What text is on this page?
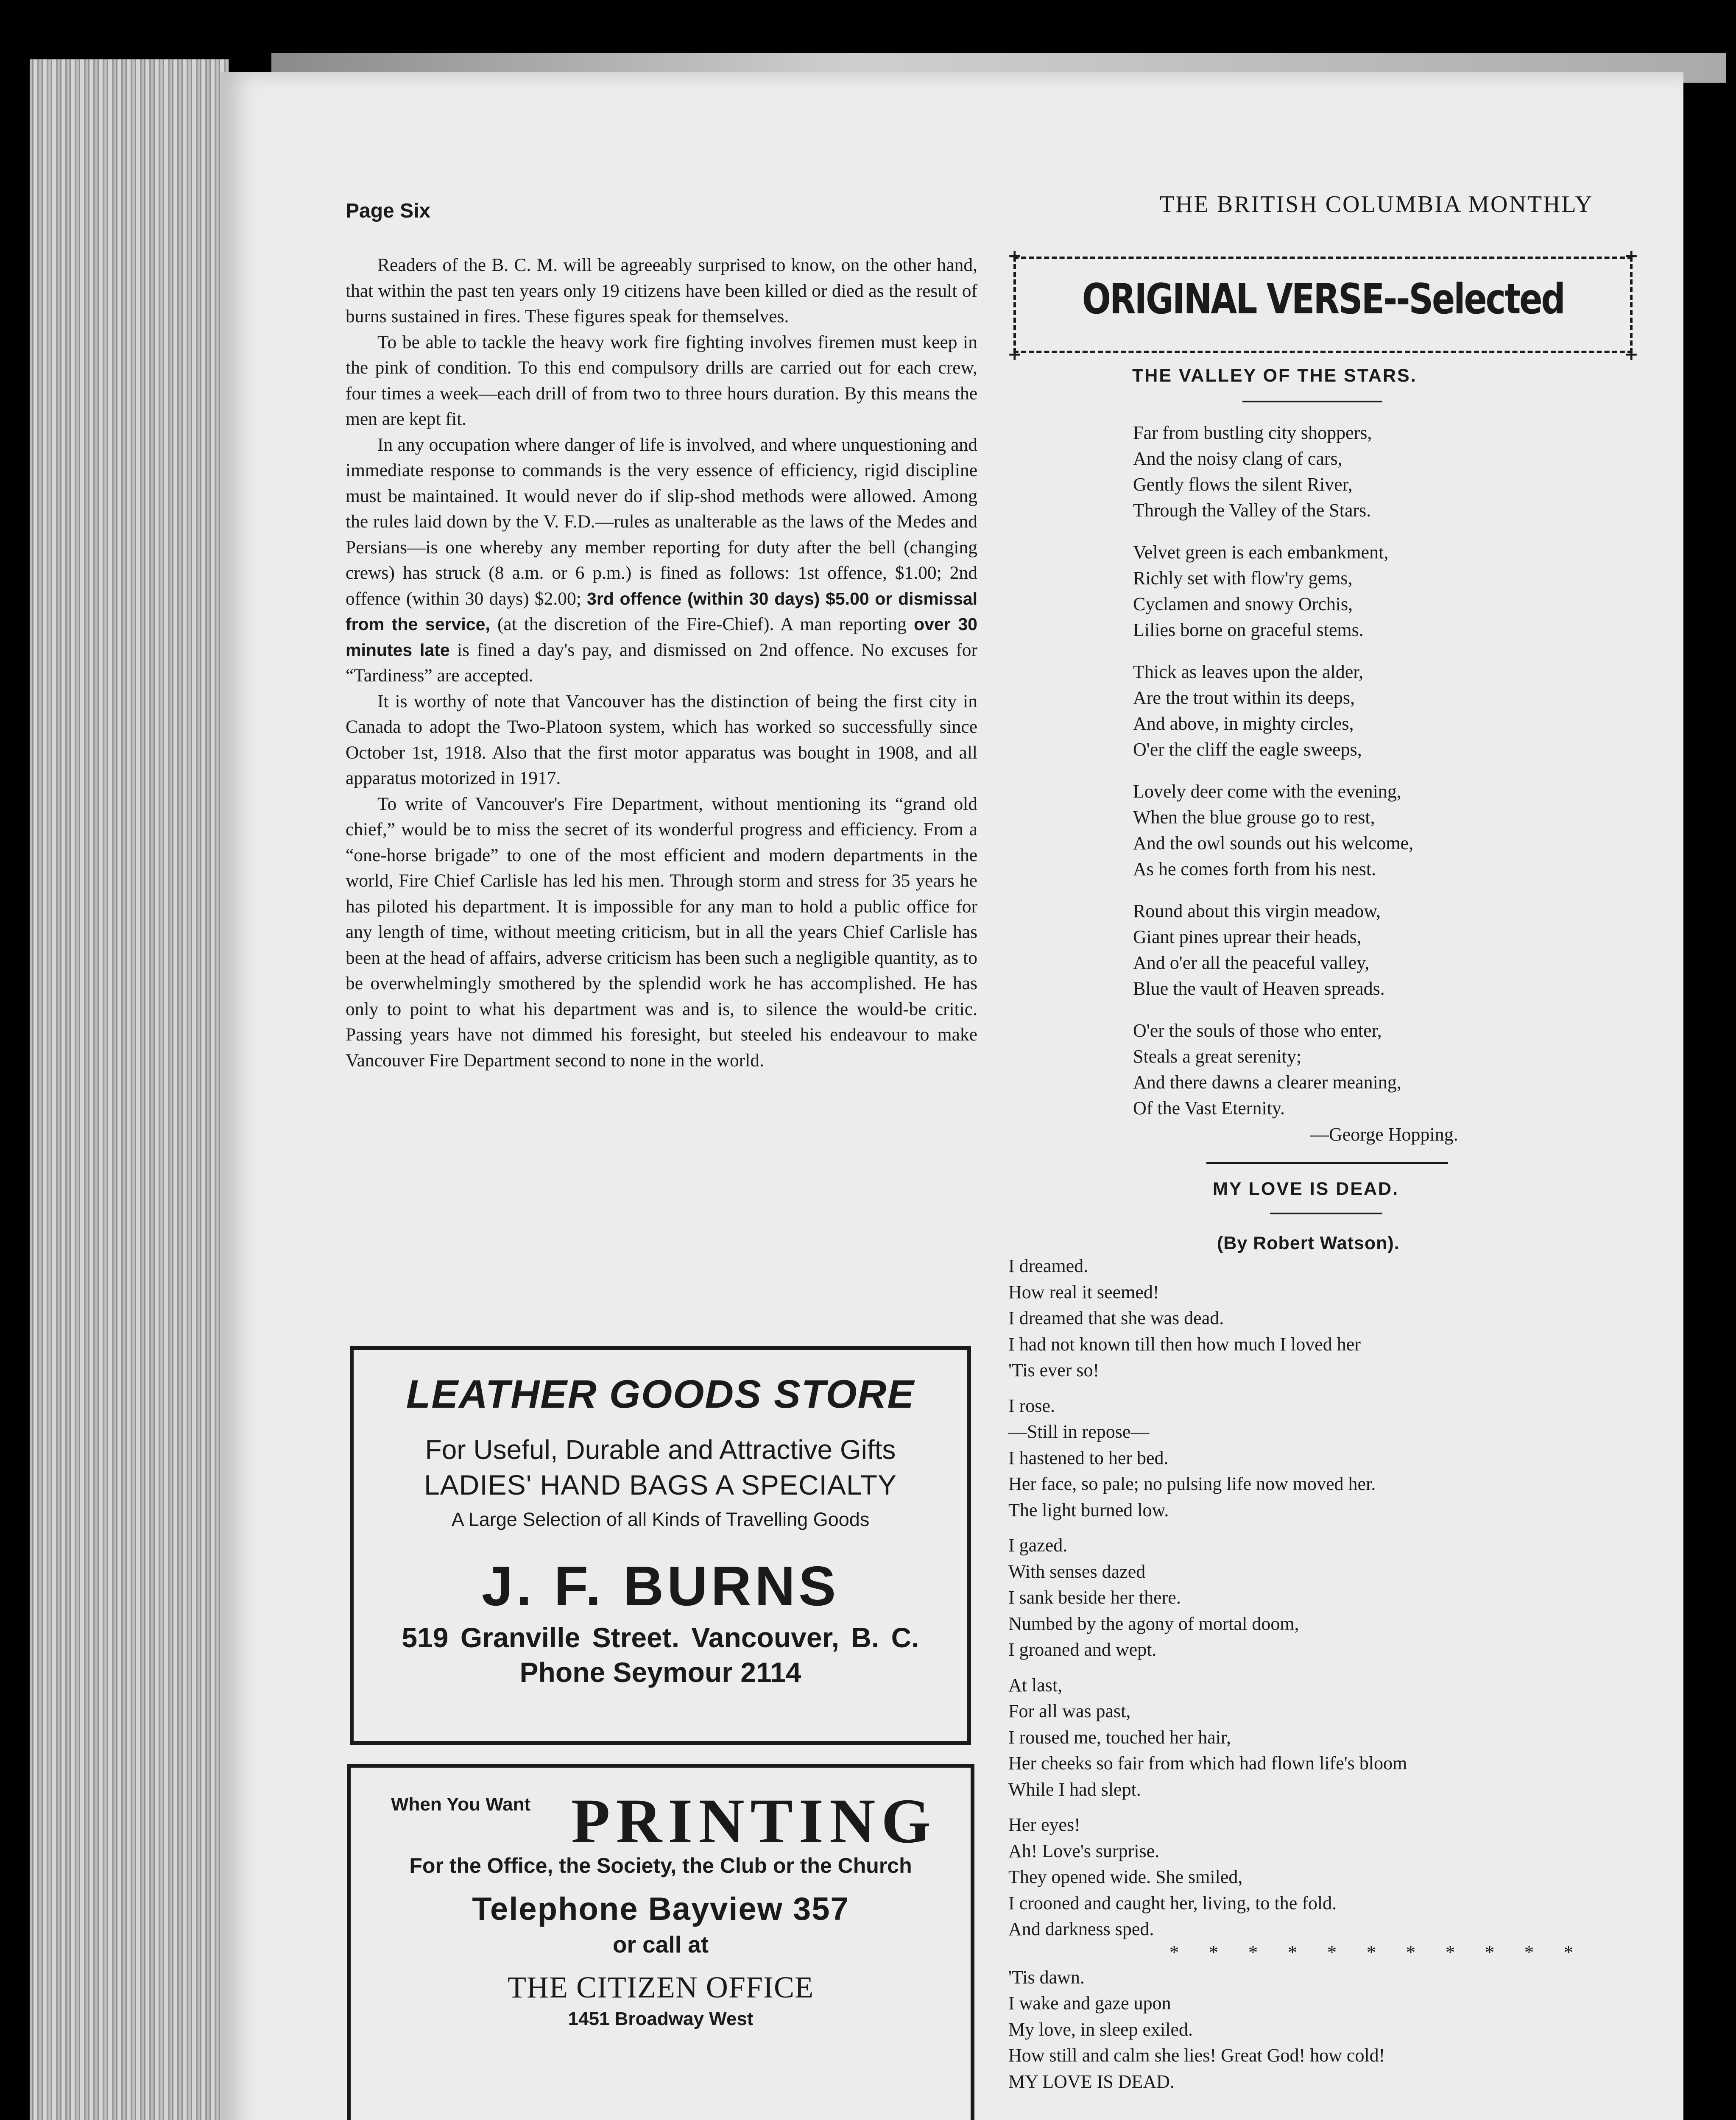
Page Six	THE BRITISH COLUMBIA MONTHLY

Readers of the B. C. M. will be agreeably surprised to know, on the other hand, that within the past ten years only 19 citizens have been killed or died as the result of burns sustained in fires. These figures speak for themselves.

To be able to tackle the heavy work fire fighting involves firemen must keep in the pink of condition. To this end compulsory drills are carried out for each crew, four times a week—each drill of from two to three hours duration. By this means the men are kept fit.

In any occupation where danger of life is involved, and where unquestioning and immediate response to commands is the very essence of efficiency, rigid discipline must be maintained. It would never do if slip-shod methods were allowed. Among the rules laid down by the V. F.D.—rules as unalterable as the laws of the Medes and Persians—is one whereby any member reporting for duty after the bell (changing crews) has struck (8 a.m. or 6 p.m.) is fined as follows: 1st offence, $1.00; 2nd offence (within 30 days) $2.00; 3rd offence (within 30 days) $5.00 or dismissal from the service, (at the discretion of the Fire-Chief). A man reporting over 30 minutes late is fined a day's pay, and dismissed on 2nd offence. No excuses for “Tardiness” are accepted.

It is worthy of note that Vancouver has the distinction of being the first city in Canada to adopt the Two-Platoon system, which has worked so successfully since October 1st, 1918. Also that the first motor apparatus was bought in 1908, and all apparatus motorized in 1917.

To write of Vancouver's Fire Department, without mentioning its “grand old chief,” would be to miss the secret of its wonderful progress and efficiency. From a “one-horse brigade” to one of the most efficient and modern departments in the world, Fire Chief Carlisle has led his men. Through storm and stress for 35 years he has piloted his department. It is impossible for any man to hold a public office for any length of time, without meeting criticism, but in all the years Chief Carlisle has been at the head of affairs, adverse criticism has been such a negligible quantity, as to be overwhelmingly smothered by the splendid work he has accomplished. He has only to point to what his department was and is, to silence the would-be critic. Passing years have not dimmed his foresight, but steeled his endeavour to make Vancouver Fire Department second to none in the world.

LEATHER GOODS STORE
For Useful, Durable and Attractive Gifts
LADIES' HAND BAGS A SPECIALTY
A Large Selection of all Kinds of Travelling Goods
J. F. BURNS
519 Granville Street. Vancouver, B. C.
Phone Seymour 2114
When You Want PRINTING
For the Office, the Society, the Club or the Church
Telephone Bayview 357
or call at
THE CITIZEN OFFICE
1451 Broadway West
+	+
+	+
ORIGINAL VERSE--Selected
THE VALLEY OF THE STARS.
Far from bustling city shoppers,
And the noisy clang of cars,
Gently flows the silent River,
Through the Valley of the Stars.
Velvet green is each embankment,
Richly set with flow'ry gems,
Cyclamen and snowy Orchis,
Lilies borne on graceful stems.
Thick as leaves upon the alder,
Are the trout within its deeps,
And above, in mighty circles,
O'er the cliff the eagle sweeps,
Lovely deer come with the evening,
When the blue grouse go to rest,
And the owl sounds out his welcome,
As he comes forth from his nest.
Round about this virgin meadow,
Giant pines uprear their heads,
And o'er all the peaceful valley,
Blue the vault of Heaven spreads.
O'er the souls of those who enter,
Steals a great serenity;
And there dawns a clearer meaning,
Of the Vast Eternity.
—George Hopping.
MY LOVE IS DEAD.
(By Robert Watson).
I dreamed.
How real it seemed!
I dreamed that she was dead.
I had not known till then how much I loved her
'Tis ever so!
I rose.
—Still in repose—
I hastened to her bed.
Her face, so pale; no pulsing life now moved her.
The light burned low.
I gazed.
With senses dazed
I sank beside her there.
Numbed by the agony of mortal doom,
I groaned and wept.
At last,
For all was past,
I roused me, touched her hair,
Her cheeks so fair from which had flown life's bloom
While I had slept.
Her eyes!
Ah! Love's surprise.
They opened wide. She smiled,
I crooned and caught her, living, to the fold.
And darkness sped.
* * * * * * * * * * *
'Tis dawn.
I wake and gaze upon
My love, in sleep exiled.
How still and calm she lies! Great God! how cold!
MY LOVE IS DEAD.
